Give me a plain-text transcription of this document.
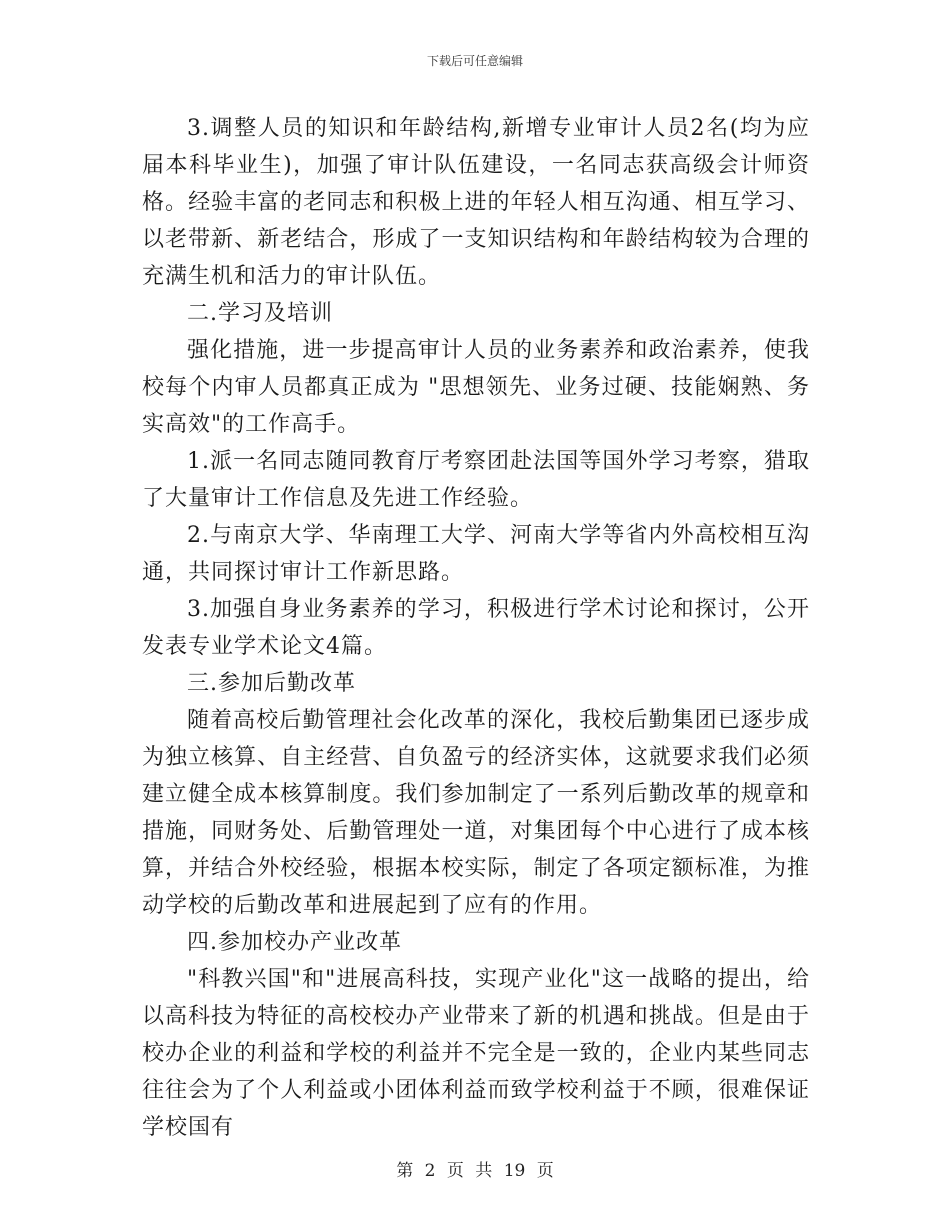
下载后可任意编辑

3.调整人员的知识和年龄结构,新增专业审计人员2名(均为应届本科毕业生)，加强了审计队伍建设，一名同志获高级会计师资格。经验丰富的老同志和积极上进的年轻人相互沟通、相互学习、以老带新、新老结合，形成了一支知识结构和年龄结构较为合理的充满生机和活力的审计队伍。

二.学习及培训

强化措施，进一步提高审计人员的业务素养和政治素养，使我校每个内审人员都真正成为 "思想领先、业务过硬、技能娴熟、务实高效"的工作高手。

1.派一名同志随同教育厅考察团赴法国等国外学习考察，猎取了大量审计工作信息及先进工作经验。

2.与南京大学、华南理工大学、河南大学等省内外高校相互沟通，共同探讨审计工作新思路。

3.加强自身业务素养的学习，积极进行学术讨论和探讨，公开发表专业学术论文4篇。

三.参加后勤改革

随着高校后勤管理社会化改革的深化，我校后勤集团已逐步成为独立核算、自主经营、自负盈亏的经济实体，这就要求我们必须建立健全成本核算制度。我们参加制定了一系列后勤改革的规章和措施，同财务处、后勤管理处一道，对集团每个中心进行了成本核算，并结合外校经验，根据本校实际，制定了各项定额标准，为推动学校的后勤改革和进展起到了应有的作用。

四.参加校办产业改革

"科教兴国"和"进展高科技，实现产业化"这一战略的提出，给以高科技为特征的高校校办产业带来了新的机遇和挑战。但是由于校办企业的利益和学校的利益并不完全是一致的，企业内某些同志往往会为了个人利益或小团体利益而致学校利益于不顾，很难保证学校国有

第 2 页 共 19 页
